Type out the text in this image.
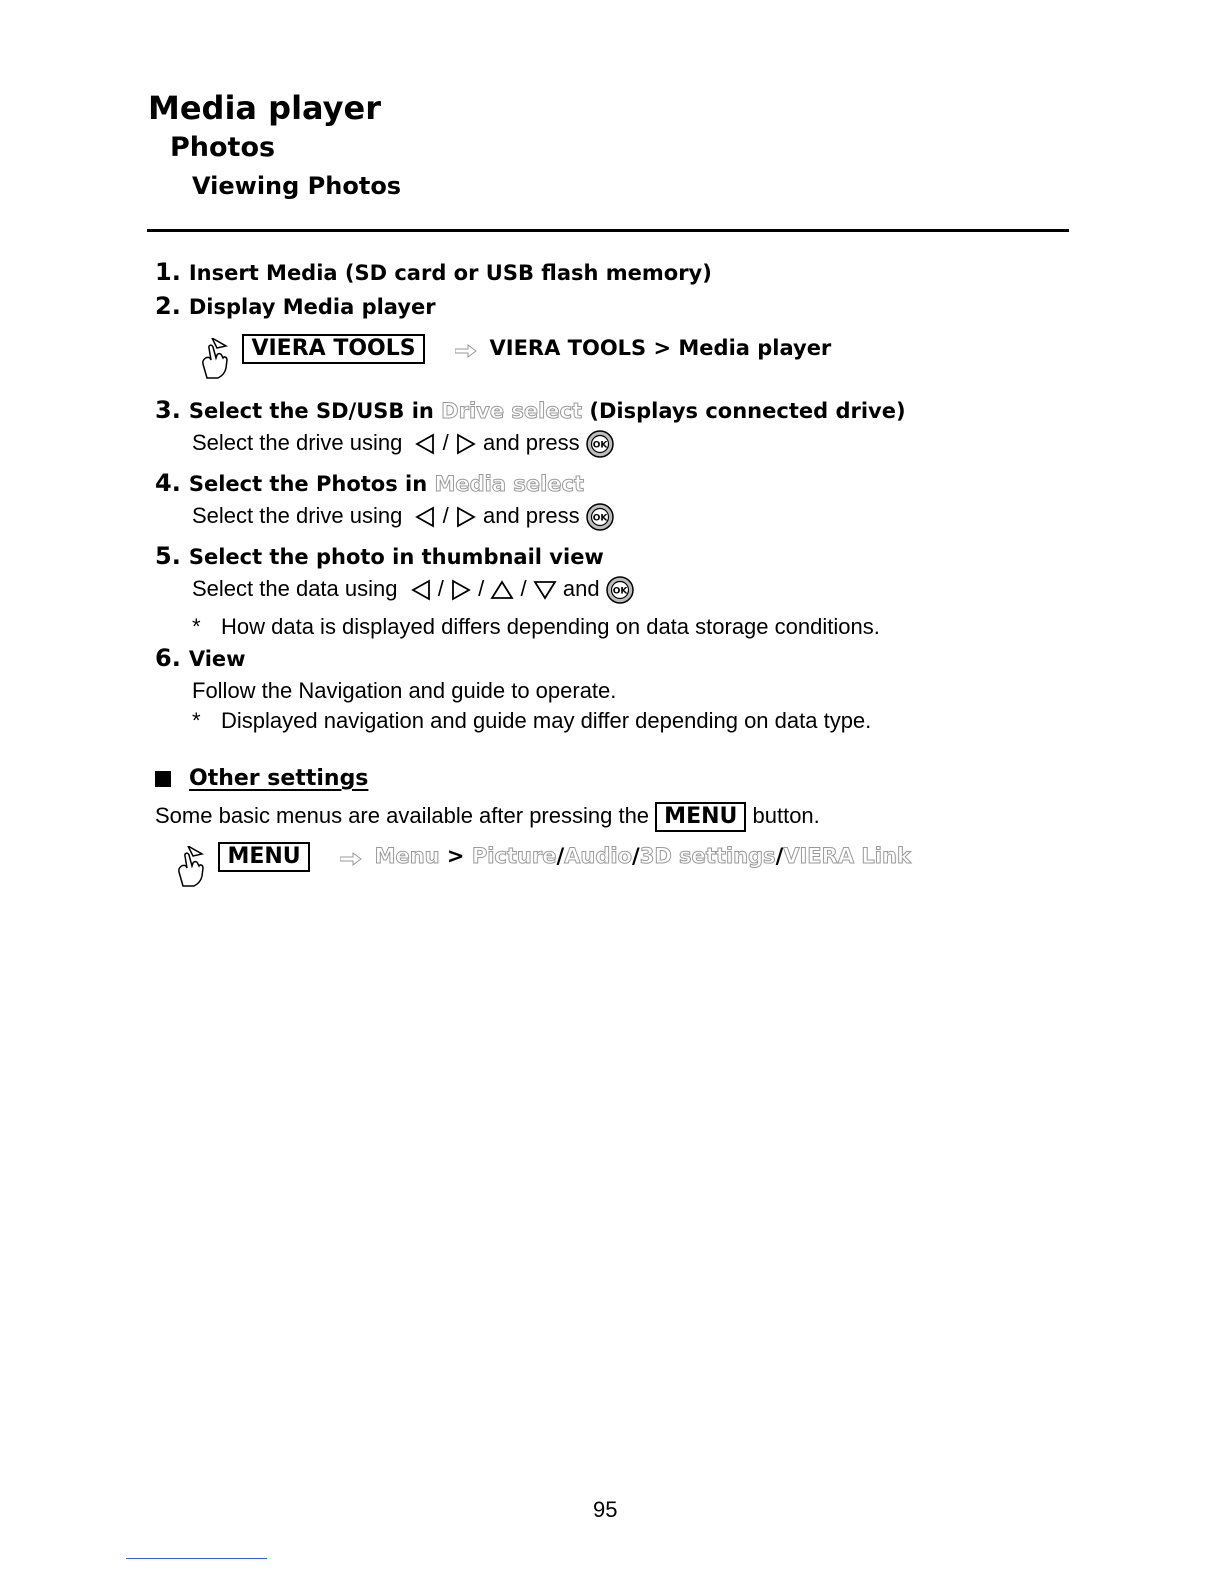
Media player
Photos
Viewing Photos
1. Insert Media (SD card or USB flash memory)
2. Display Media player
VIERA TOOLS	VIERA TOOLS > Media player
3. Select the SD/USB in Drive select (Displays connected drive)
Select the drive using / and press OK
4. Select the Photos in Media select
Select the drive using / and press OK
5. Select the photo in thumbnail view
Select the data using / / / and OK
* How data is displayed differs depending on data storage conditions.
6. View
Follow the Navigation and guide to operate.
* Displayed navigation and guide may differ depending on data type.
Other settings
Some basic menus are available after pressing the MENU button.
MENU	Menu > Picture/Audio/3D settings/VIERA Link
95
